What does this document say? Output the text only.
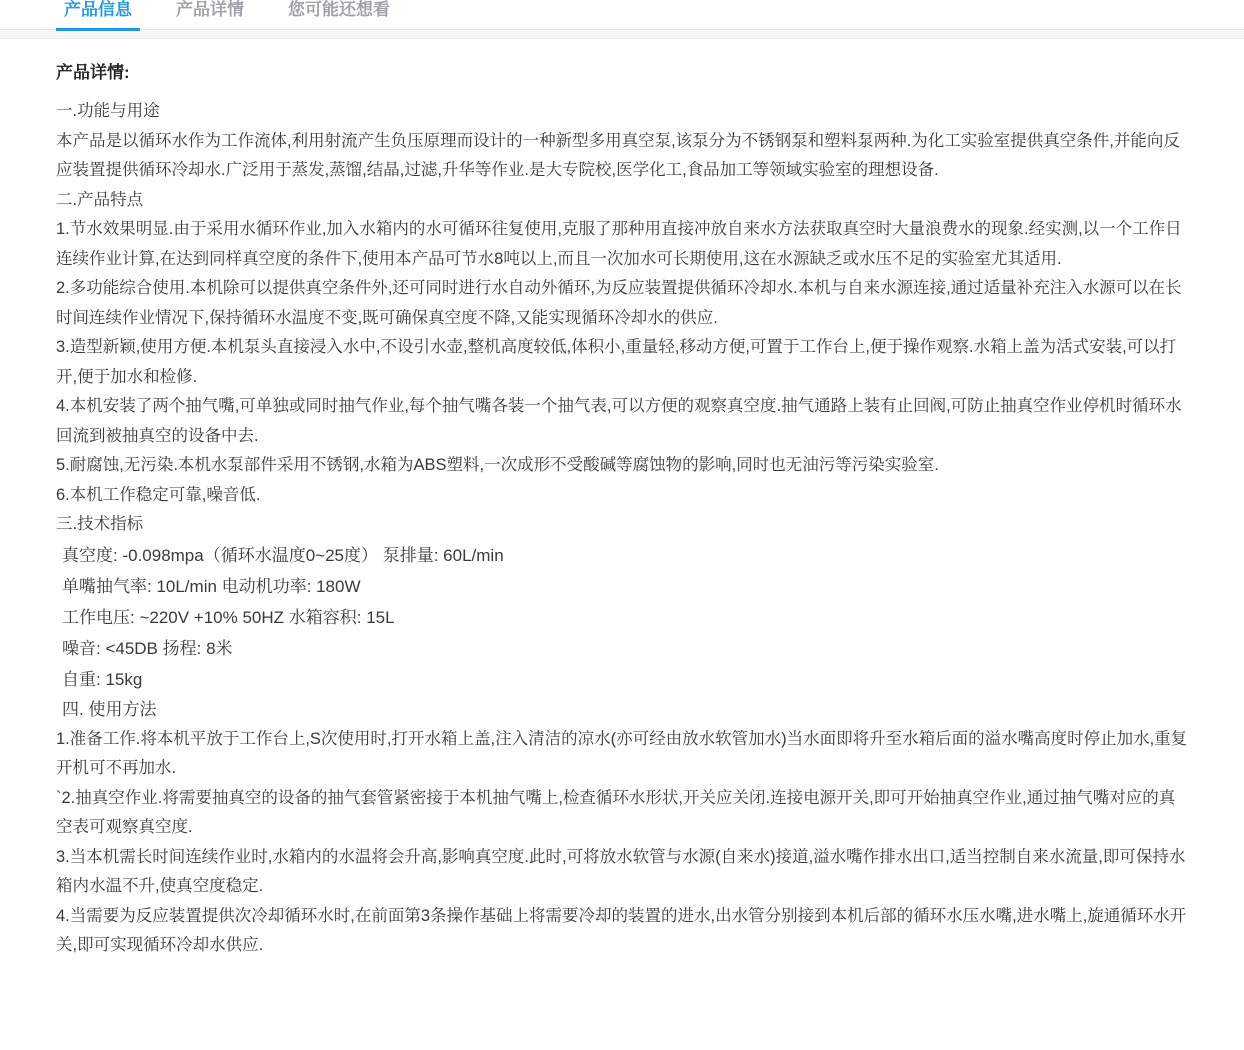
产品信息	产品详情	您可能还想看
产品详情:

一.功能与用途

本产品是以循环水作为工作流体,利用射流产生负压原理而设计的一种新型多用真空泵,该泵分为不锈钢泵和塑料泵两种.为化工实验室提供真空条件,并能向反应装置提供循环冷却水.广泛用于蒸发,蒸馏,结晶,过滤,升华等作业.是大专院校,医学化工,食品加工等领域实验室的理想设备.

二.产品特点

1.节水效果明显.由于采用水循环作业,加入水箱内的水可循环往复使用,克服了那种用直接冲放自来水方法获取真空时大量浪费水的现象.经实测,以一个工作日连续作业计算,在达到同样真空度的条件下,使用本产品可节水8吨以上,而且一次加水可长期使用,这在水源缺乏或水压不足的实验室尤其适用.

2.多功能综合使用.本机除可以提供真空条件外,还可同时进行水自动外循环,为反应装置提供循环冷却水.本机与自来水源连接,通过适量补充注入水源可以在长时间连续作业情况下,保持循环水温度不变,既可确保真空度不降,又能实现循环冷却水的供应.

3.造型新颖,使用方便.本机泵头直接浸入水中,不设引水壶,整机高度较低,体积小,重量轻,移动方便,可置于工作台上,便于操作观察.水箱上盖为活式安装,可以打开,便于加水和检修.

4.本机安装了两个抽气嘴,可单独或同时抽气作业,每个抽气嘴各装一个抽气表,可以方便的观察真空度.抽气通路上装有止回阀,可防止抽真空作业停机时循环水回流到被抽真空的设备中去.

5.耐腐蚀,无污染.本机水泵部件采用不锈钢,水箱为ABS塑料,一次成形不受酸碱等腐蚀物的影响,同时也无油污等污染实验室.

6.本机工作稳定可靠,噪音低.

三.技术指标

真空度: -0.098mpa（循环水温度0~25度） 泵排量: 60L/min

单嘴抽气率: 10L/min 电动机功率: 180W

工作电压: ~220V +10% 50HZ 水箱容积: 15L

噪音: <45DB 扬程: 8米

自重: 15kg

四. 使用方法

1.准备工作.将本机平放于工作台上,S次使用时,打开水箱上盖,注入清洁的凉水(亦可经由放水软管加水)当水面即将升至水箱后面的溢水嘴高度时停止加水,重复开机可不再加水.

`2.抽真空作业.将需要抽真空的设备的抽气套管紧密接于本机抽气嘴上,检查循环水形状,开关应关闭.连接电源开关,即可开始抽真空作业,通过抽气嘴对应的真空表可观察真空度.

3.当本机需长时间连续作业时,水箱内的水温将会升高,影响真空度.此时,可将放水软管与水源(自来水)接道,溢水嘴作排水出口,适当控制自来水流量,即可保持水箱内水温不升,使真空度稳定.

4.当需要为反应装置提供次冷却循环水时,在前面第3条操作基础上将需要冷却的装置的进水,出水管分别接到本机后部的循环水压水嘴,进水嘴上,旋通循环水开关,即可实现循环冷却水供应.
